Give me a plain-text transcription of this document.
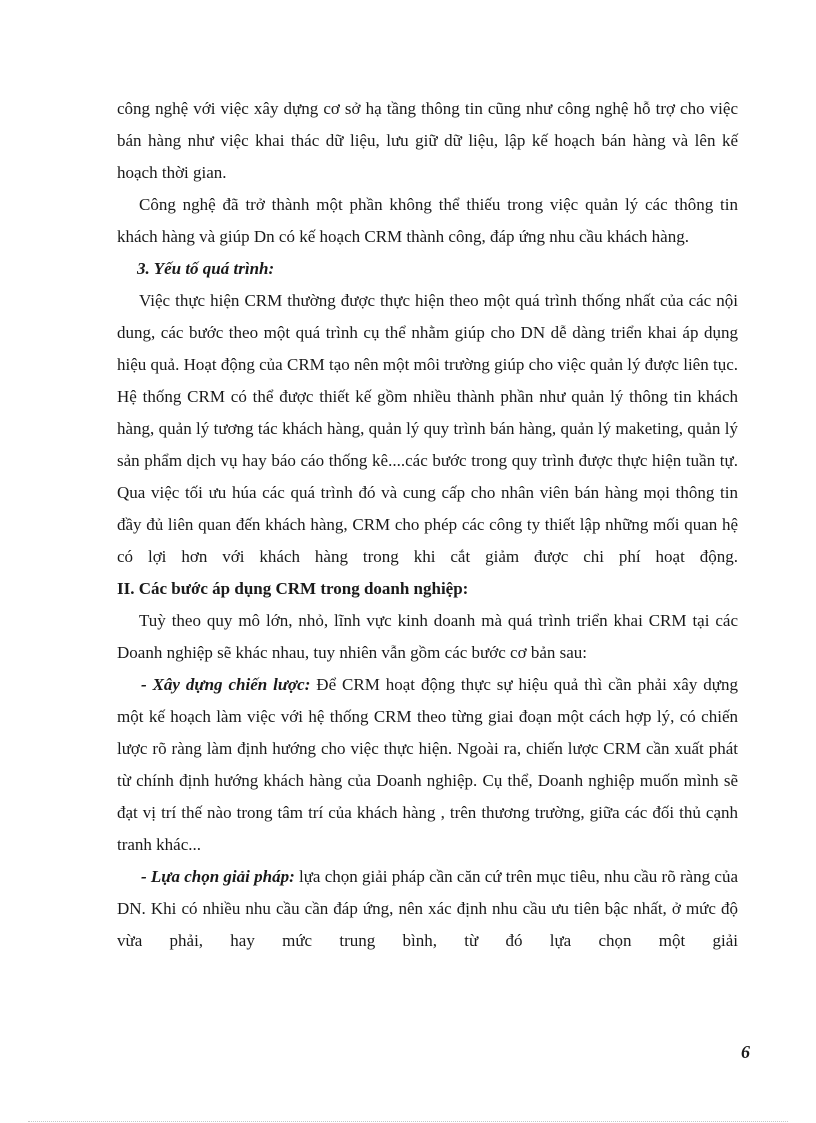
công nghệ với việc xây dựng cơ sở hạ tầng thông tin cũng như công nghệ hỗ trợ cho việc bán hàng như việc khai thác dữ liệu, lưu giữ dữ liệu, lập kế hoạch bán hàng và lên kế hoạch thời gian.

Công nghệ đã trở thành một phần không thể thiếu trong việc quản lý các thông tin khách hàng và giúp Dn có kế hoạch CRM thành công, đáp ứng nhu cầu khách hàng.

3. Yếu tố quá trình:

Việc thực hiện CRM thường được thực hiện theo một quá trình thống nhất của các nội dung, các bước theo một quá trình cụ thể nhằm giúp cho DN dễ dàng triển khai áp dụng hiệu quả. Hoạt động của CRM tạo nên một môi trường giúp cho việc quản lý được liên tục. Hệ thống CRM có thể được thiết kế gồm nhiều thành phần như quản lý thông tin khách hàng, quản lý tương tác khách hàng, quản lý quy trình bán hàng, quản lý maketing, quản lý sản phẩm dịch vụ hay báo cáo thống kê....các bước trong quy trình được thực hiện tuần tự. Qua việc tối ưu húa các quá trình đó và cung cấp cho nhân viên bán hàng mọi thông tin đầy đủ liên quan đến khách hàng, CRM cho phép các công ty thiết lập những mối quan hệ có lợi hơn với khách hàng trong khi cắt giảm được chi phí hoạt động.

II. Các bước áp dụng CRM trong doanh nghiệp:

Tuỳ theo quy mô lớn, nhỏ, lĩnh vực kinh doanh mà quá trình triển khai CRM tại các Doanh nghiệp sẽ khác nhau, tuy nhiên vẫn gồm các bước cơ bản sau:

- Xây dựng chiến lược: Để CRM hoạt động thực sự hiệu quả thì cần phải xây dựng một kế hoạch làm việc với hệ thống CRM theo từng giai đoạn một cách hợp lý, có chiến lược rõ ràng làm định hướng cho việc thực hiện. Ngoài ra, chiến lược CRM cần xuất phát từ chính định hướng khách hàng của Doanh nghiệp. Cụ thể, Doanh nghiệp muốn mình sẽ đạt vị trí thế nào trong tâm trí của khách hàng , trên thương trường, giữa các đối thủ cạnh tranh khác...

- Lựa chọn giải pháp: lựa chọn giải pháp cần căn cứ trên mục tiêu, nhu cầu rõ ràng của DN. Khi có nhiều nhu cầu cần đáp ứng, nên xác định nhu cầu ưu tiên bậc nhất, ở mức độ vừa phải, hay mức trung bình, từ đó lựa chọn một giải

6
